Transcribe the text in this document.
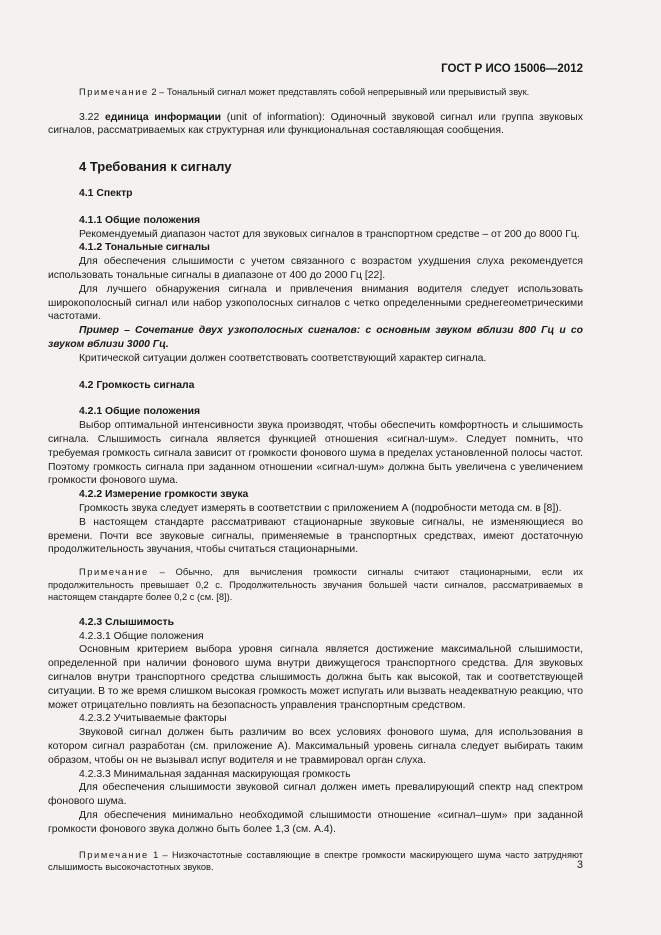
ГОСТ Р ИСО 15006—2012

Примечание 2 – Тональный сигнал может представлять собой непрерывный или прерывистый звук.

3.22 единица информации (unit of information): Одиночный звуковой сигнал или группа звуковых сигналов, рассматриваемых как структурная или функциональная составляющая сообщения.

4 Требования к сигналу
4.1 Спектр
4.1.1 Общие положения

Рекомендуемый диапазон частот для звуковых сигналов в транспортном средстве – от 200 до 8000 Гц.

4.1.2 Тональные сигналы

Для обеспечения слышимости с учетом связанного с возрастом ухудшения слуха рекомендуется использовать тональные сигналы в диапазоне от 400 до 2000 Гц [22].

Для лучшего обнаружения сигнала и привлечения внимания водителя следует использовать широкополосный сигнал или набор узкополосных сигналов с четко определенными среднегеометрическими частотами.

Пример – Сочетание двух узкополосных сигналов: с основным звуком вблизи 800 Гц и со звуком вблизи 3000 Гц.

Критической ситуации должен соответствовать соответствующий характер сигнала.

4.2 Громкость сигнала
4.2.1 Общие положения

Выбор оптимальной интенсивности звука производят, чтобы обеспечить комфортность и слышимость сигнала. Слышимость сигнала является функцией отношения «сигнал-шум». Следует помнить, что требуемая громкость сигнала зависит от громкости фонового шума в пределах установленной полосы частот. Поэтому громкость сигнала при заданном отношении «сигнал-шум» должна быть увеличена с увеличением громкости фонового шума.

4.2.2 Измерение громкости звука

Громкость звука следует измерять в соответствии с приложением А (подробности метода см. в [8]).

В настоящем стандарте рассматривают стационарные звуковые сигналы, не изменяющиеся во времени. Почти все звуковые сигналы, применяемые в транспортных средствах, имеют достаточную продолжительность звучания, чтобы считаться стационарными.

Примечание – Обычно, для вычисления громкости сигналы считают стационарными, если их продолжительность превышает 0,2 с. Продолжительность звучания большей части сигналов, рассматриваемых в настоящем стандарте более 0,2 с (см. [8]).

4.2.3 Слышимость
4.2.3.1 Общие положения

Основным критерием выбора уровня сигнала является достижение максимальной слышимости, определенной при наличии фонового шума внутри движущегося транспортного средства. Для звуковых сигналов внутри транспортного средства слышимость должна быть как высокой, так и соответствующей ситуации. В то же время слишком высокая громкость может испугать или вызвать неадекватную реакцию, что может отрицательно повлиять на безопасность управления транспортным средством.

4.2.3.2 Учитываемые факторы

Звуковой сигнал должен быть различим во всех условиях фонового шума, для использования в котором сигнал разработан (см. приложение А). Максимальный уровень сигнала следует выбирать таким образом, чтобы он не вызывал испуг водителя и не травмировал орган слуха.

4.2.3.3 Минимальная заданная маскирующая громкость

Для обеспечения слышимости звуковой сигнал должен иметь превалирующий спектр над спектром фонового шума.

Для обеспечения минимально необходимой слышимости отношение «сигнал–шум» при заданной громкости фонового звука должно быть более 1,3 (см. А.4).

Примечание 1 – Низкочастотные составляющие в спектре громкости маскирующего шума часто затрудняют слышимость высокочастотных звуков.	3
